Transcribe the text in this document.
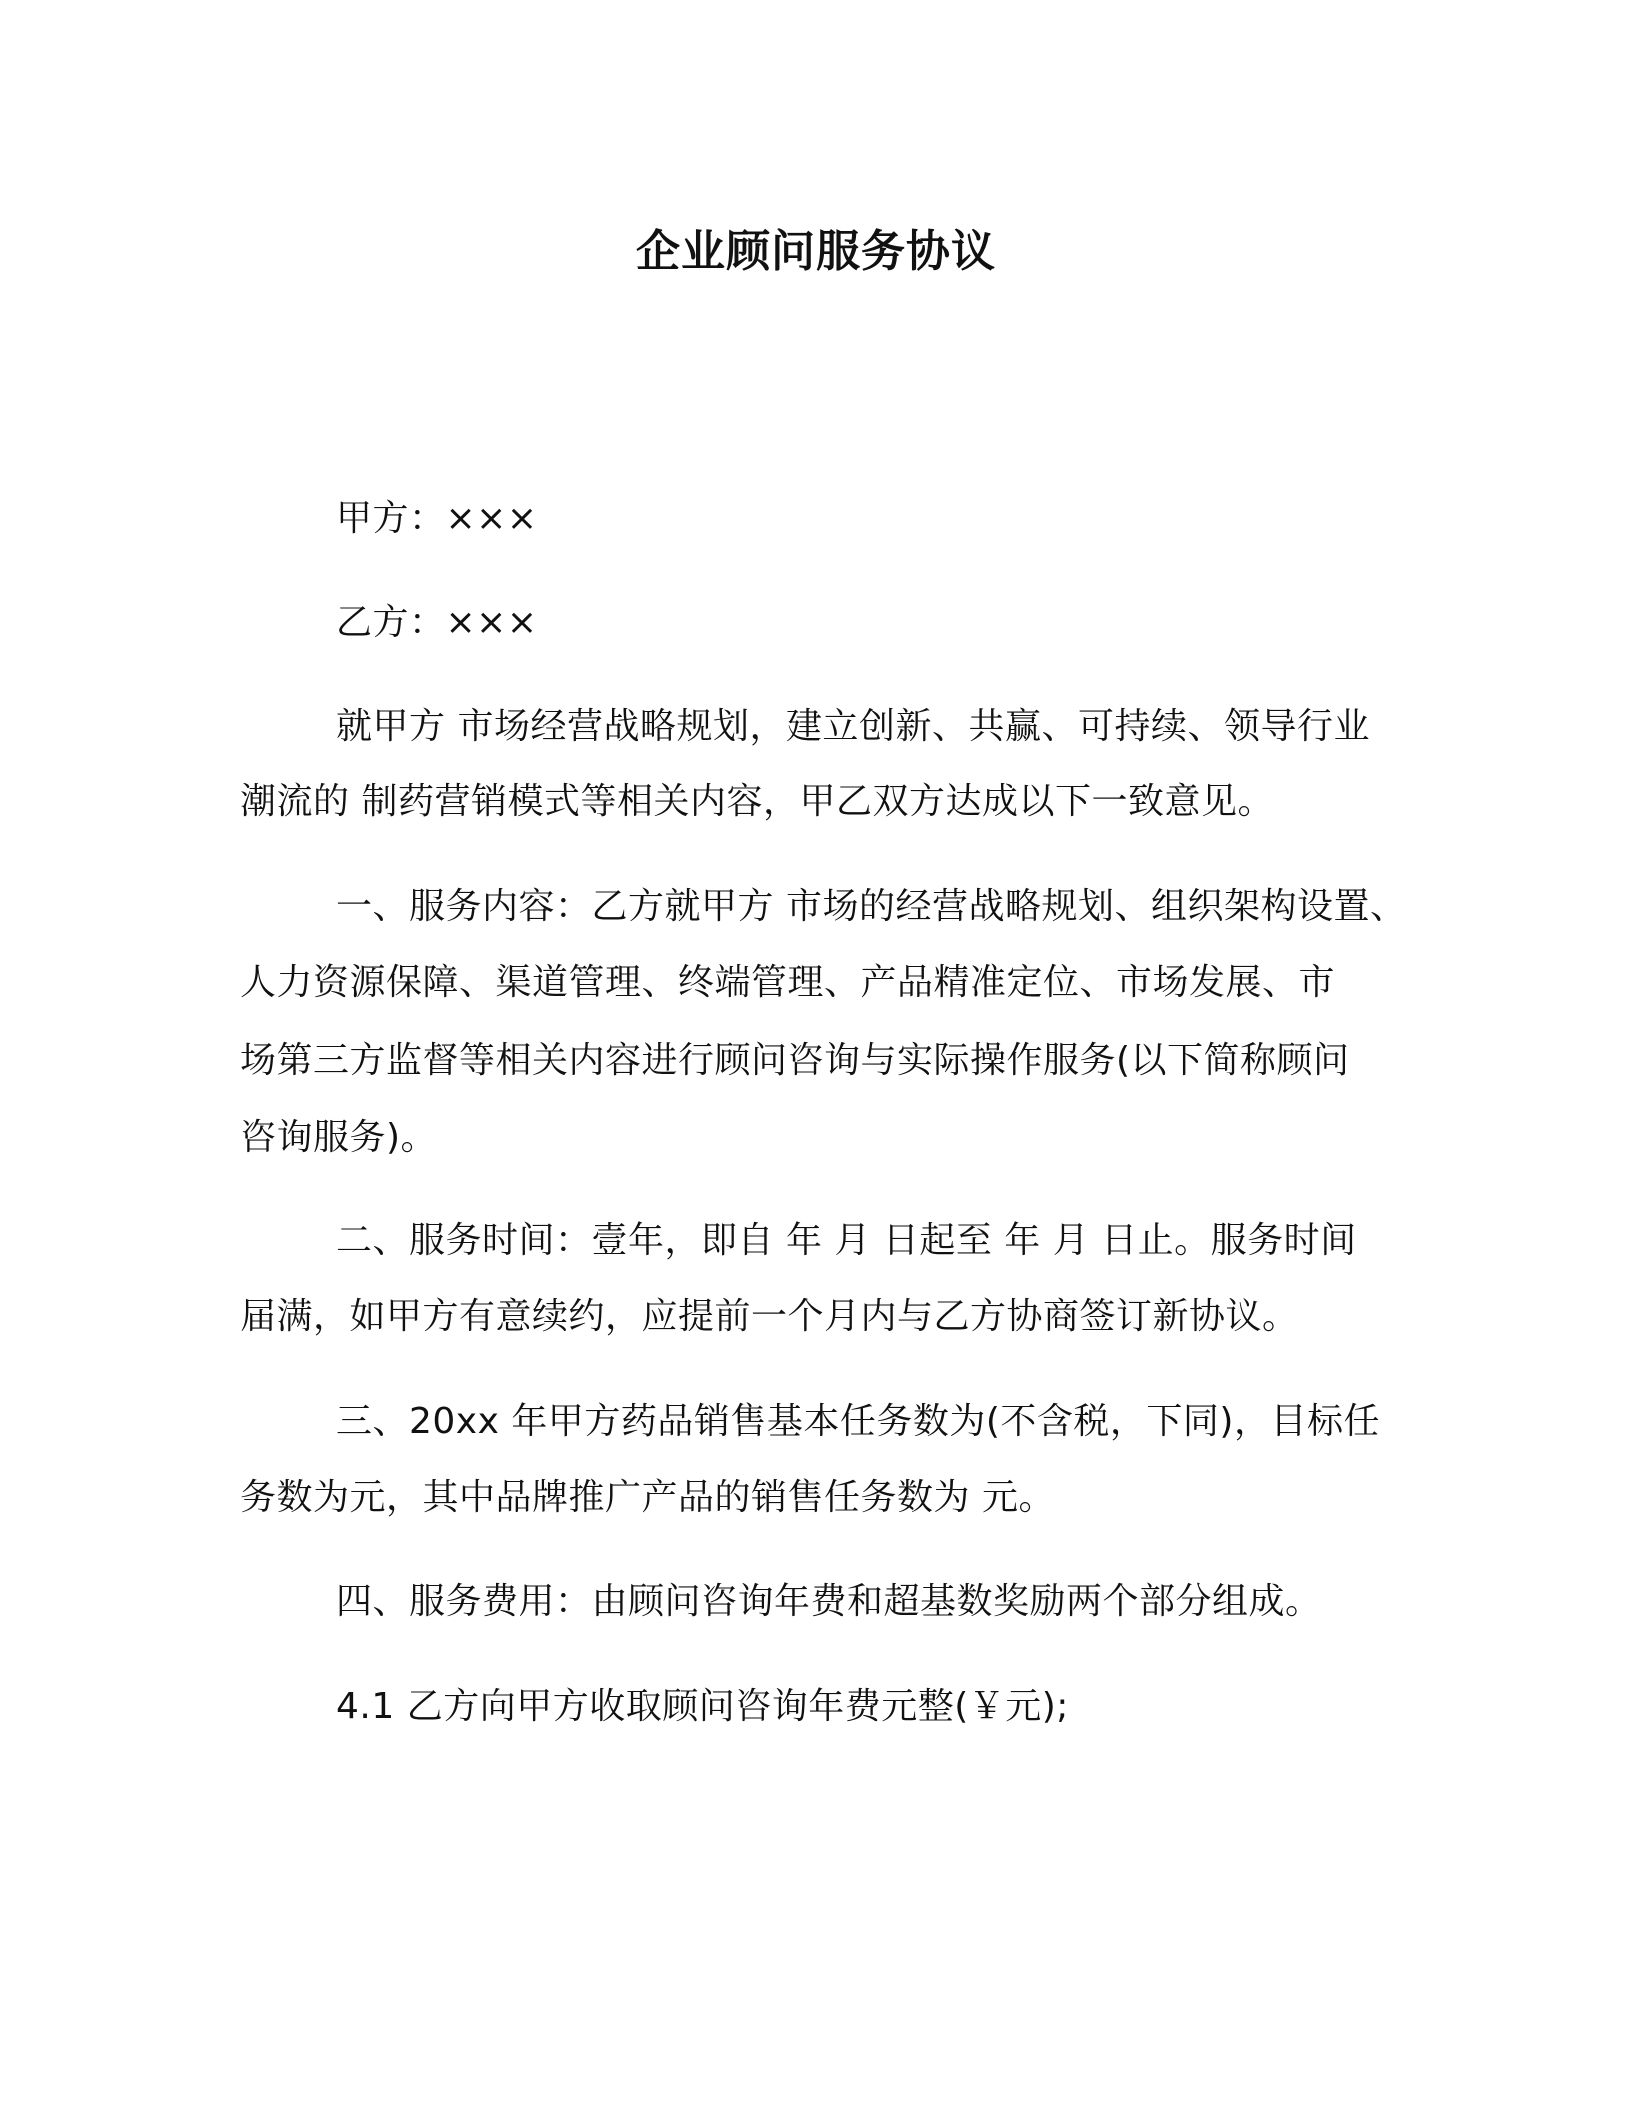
企业顾问服务协议
甲方：×××
乙方：×××
就甲方 市场经营战略规划，建立创新、共赢、可持续、领导行业
潮流的 制药营销模式等相关内容，甲乙双方达成以下一致意见。
一、服务内容：乙方就甲方 市场的经营战略规划、组织架构设置、
人力资源保障、渠道管理、终端管理、产品精准定位、市场发展、市
场第三方监督等相关内容进行顾问咨询与实际操作服务(以下简称顾问
咨询服务)。
二、服务时间：壹年，即自 年 月 日起至 年 月 日止。服务时间
届满，如甲方有意续约，应提前一个月内与乙方协商签订新协议。
三、20xx 年甲方药品销售基本任务数为(不含税，下同)，目标任
务数为元，其中品牌推广产品的销售任务数为 元。
四、服务费用：由顾问咨询年费和超基数奖励两个部分组成。
4.1 乙方向甲方收取顾问咨询年费元整(￥元);
